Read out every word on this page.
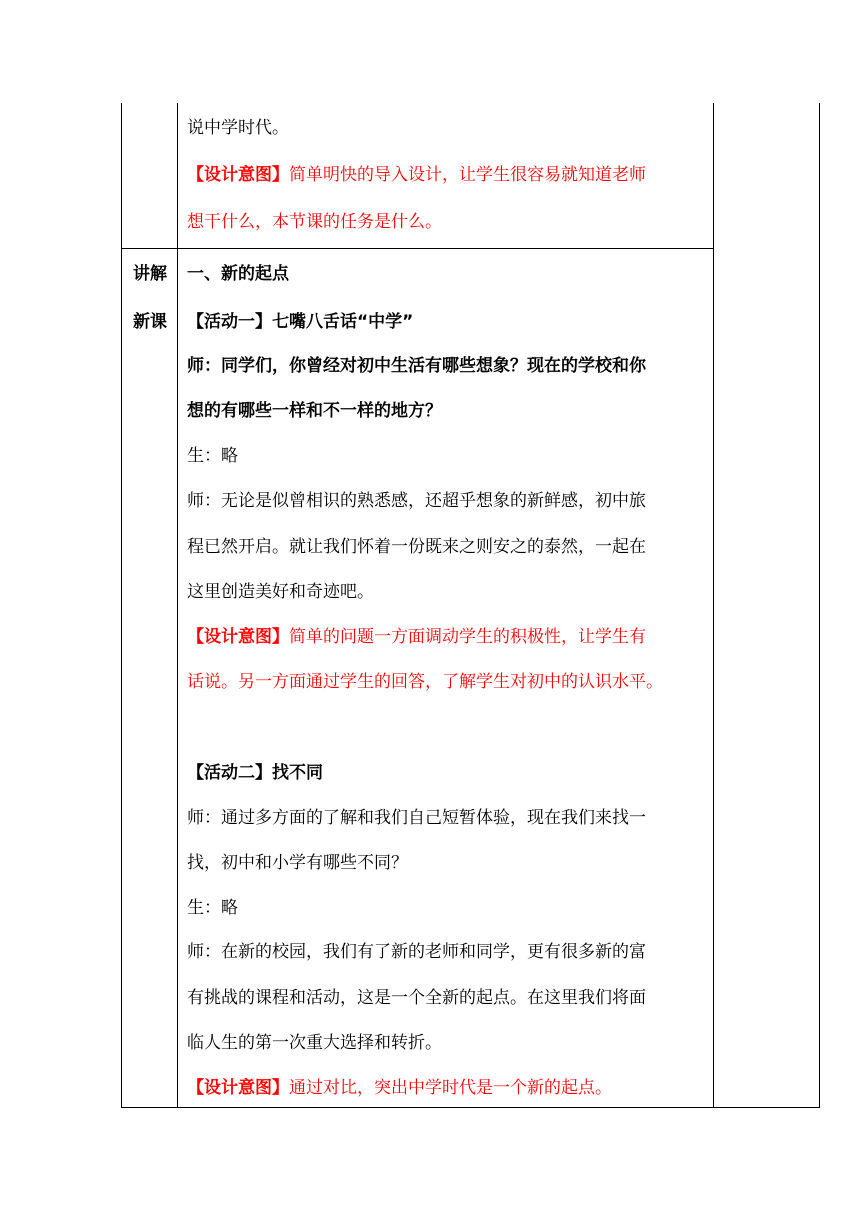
说中学时代。
【设计意图】简单明快的导入设计，让学生很容易就知道老师
想干什么，本节课的任务是什么。
讲解
新课
一、新的起点
【活动一】七嘴八舌话“中学”
师：同学们，你曾经对初中生活有哪些想象？现在的学校和你
想的有哪些一样和不一样的地方？
生：略
师：无论是似曾相识的熟悉感，还超乎想象的新鲜感，初中旅
程已然开启。就让我们怀着一份既来之则安之的泰然，一起在
这里创造美好和奇迹吧。
【设计意图】简单的问题一方面调动学生的积极性，让学生有
话说。另一方面通过学生的回答，了解学生对初中的认识水平。
【活动二】找不同
师：通过多方面的了解和我们自己短暂体验，现在我们来找一
找，初中和小学有哪些不同？
生：略
师：在新的校园，我们有了新的老师和同学，更有很多新的富
有挑战的课程和活动，这是一个全新的起点。在这里我们将面
临人生的第一次重大选择和转折。
【设计意图】通过对比，突出中学时代是一个新的起点。
